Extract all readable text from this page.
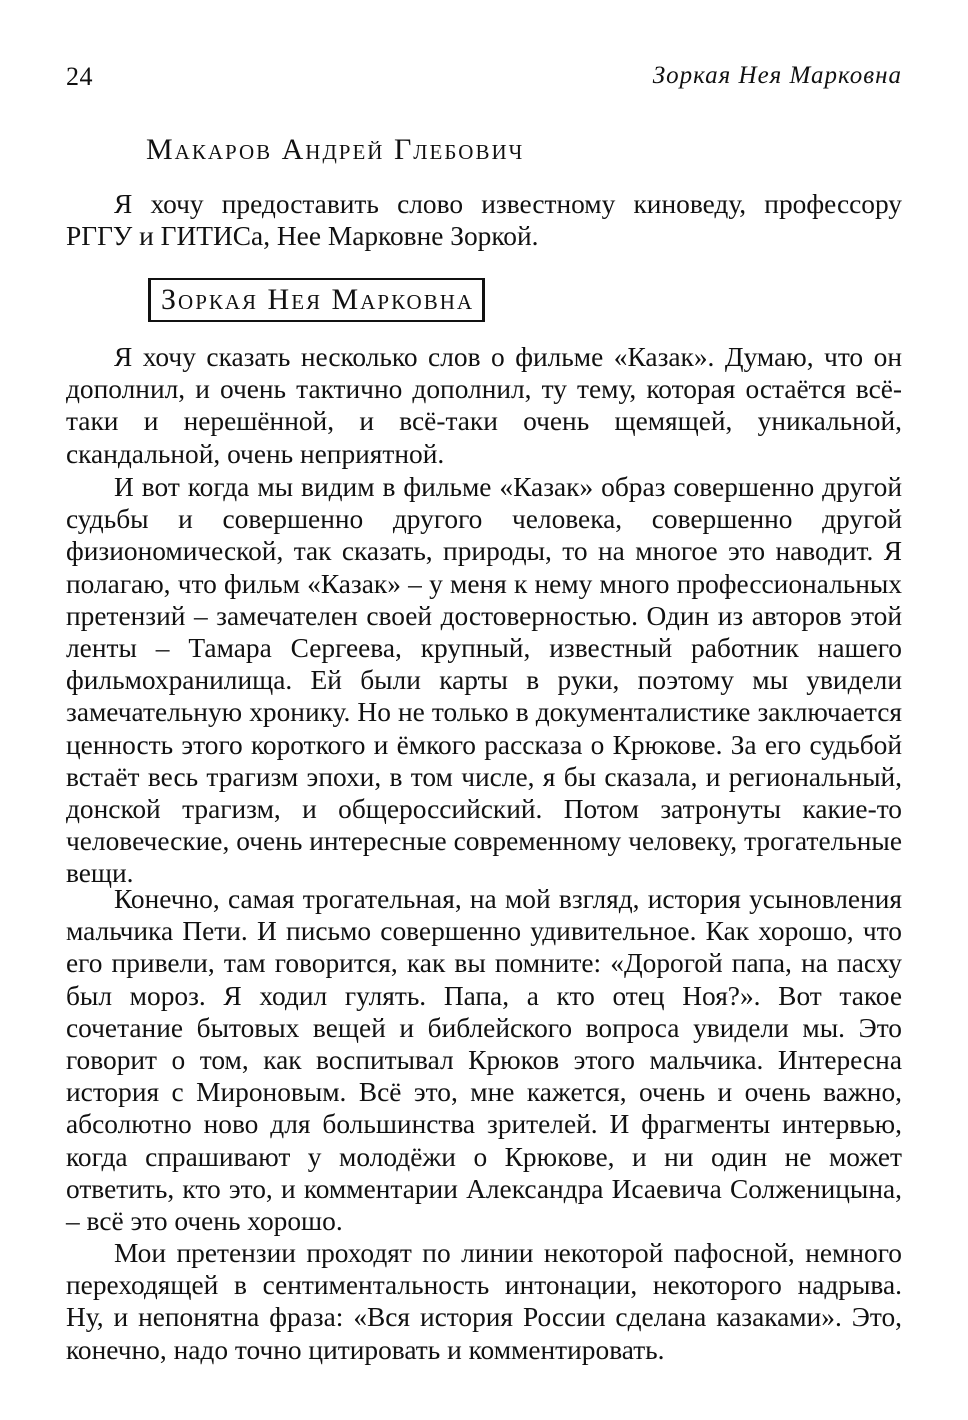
24	Зоркая Нея Марковна
Макаров Андрей Глебович

Я хочу предоставить слово известному киноведу, профессору РГГУ и ГИТИСа, Нее Марковне Зоркой.

Зоркая Нея Марковна

Я хочу сказать несколько слов о фильме «Казак». Думаю, что он дополнил, и очень тактично дополнил, ту тему, которая остаётся всё-таки и нерешённой, и всё-таки очень щемящей, уникальной, скандальной, очень неприятной.

И вот когда мы видим в фильме «Казак» образ совершенно другой судьбы и совершенно другого человека, совершенно другой физиономической, так сказать, природы, то на многое это наводит. Я полагаю, что фильм «Казак» – у меня к нему много профессиональных претензий – замечателен своей достоверностью. Один из авторов этой ленты – Тамара Сергеева, крупный, известный работник нашего фильмохранилища. Ей были карты в руки, поэтому мы увидели замечательную хронику. Но не только в документалистике заключается ценность этого короткого и ёмкого рассказа о Крюкове. За его судьбой встаёт весь трагизм эпохи, в том числе, я бы сказала, и региональный, донской трагизм, и общероссийский. Потом затронуты какие-то человеческие, очень интересные современному человеку, трогательные вещи.

Конечно, самая трогательная, на мой взгляд, история усыновления мальчика Пети. И письмо совершенно удивительное. Как хорошо, что его привели, там говорится, как вы помните: «Дорогой папа, на пасху был мороз. Я ходил гулять. Папа, а кто отец Ноя?». Вот такое сочетание бытовых вещей и библейского вопроса увидели мы. Это говорит о том, как воспитывал Крюков этого мальчика. Интересна история с Мироновым. Всё это, мне кажется, очень и очень важно, абсолютно ново для большинства зрителей. И фрагменты интервью, когда спрашивают у молодёжи о Крюкове, и ни один не может ответить, кто это, и комментарии Александра Исаевича Солженицына, – всё это очень хорошо.

Мои претензии проходят по линии некоторой пафосной, немного переходящей в сентиментальность интонации, некоторого надрыва. Ну, и непонятна фраза: «Вся история России сделана казаками». Это, конечно, надо точно цитировать и комментировать.
